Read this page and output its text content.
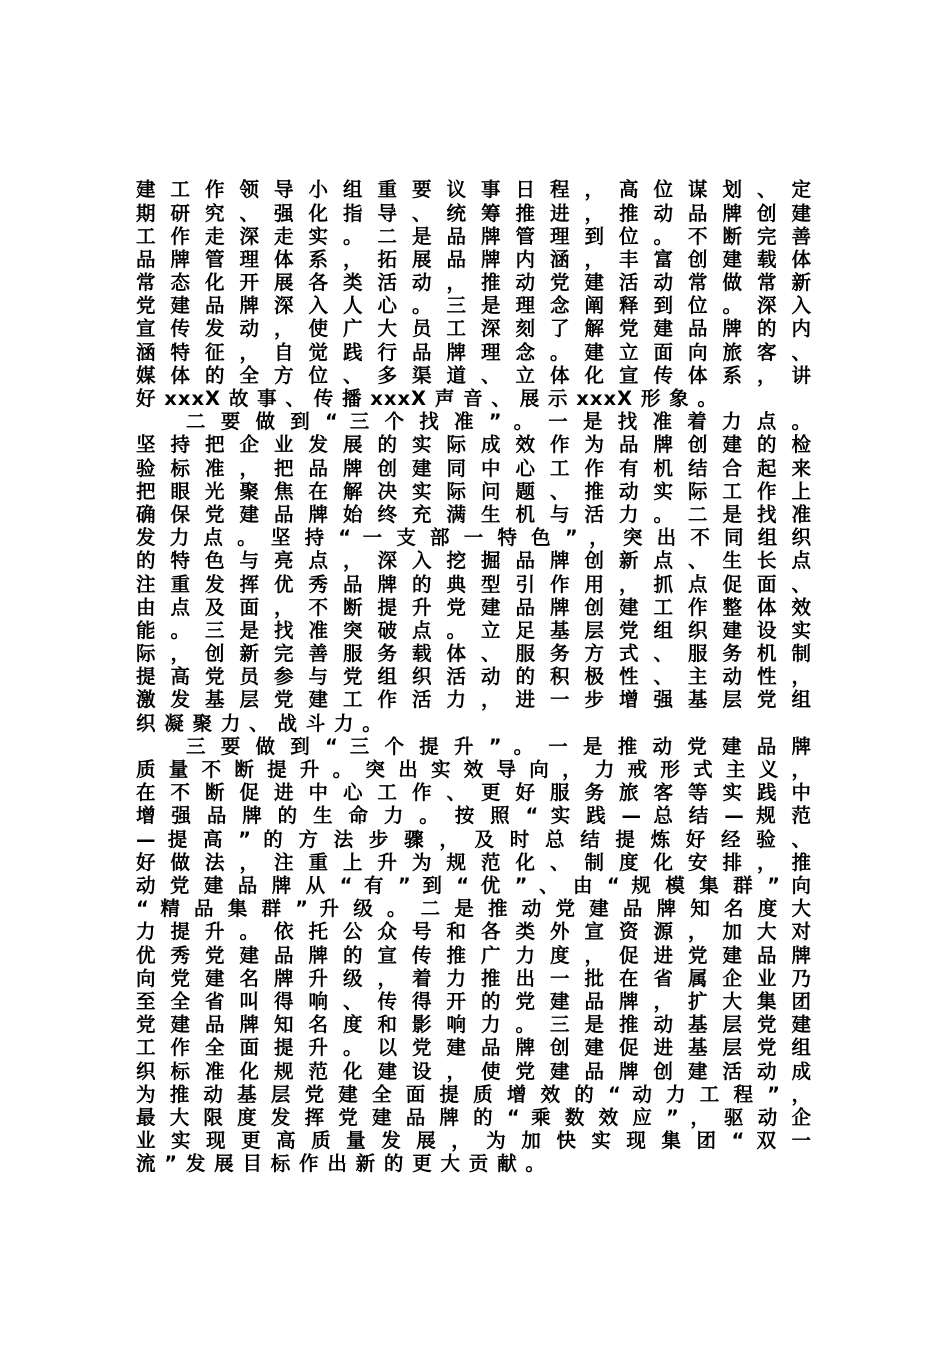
建 工 作 领 导 小 组 重 要 议 事 日 程 ， 高 位 谋 划 、 定
期 研 究 、 强 化 指 导 、 统 筹 推 进 ， 推 动 品 牌 创 建
工 作 走 深 走 实 。 二 是 品 牌 管 理 到 位 。 不 断 完 善
品 牌 管 理 体 系 ， 拓 展 品 牌 内 涵 ， 丰 富 创 建 载 体
常 态 化 开 展 各 类 活 动 ， 推 动 党 建 活 动 常 做 常 新
党 建 品 牌 深 入 人 心 。 三 是 理 念 阐 释 到 位 。 深 入
宣 传 发 动 ， 使 广 大 员 工 深 刻 了 解 党 建 品 牌 的 内
涵 特 征 ， 自 觉 践 行 品 牌 理 念 。 建 立 面 向 旅 客 、
媒 体 的 全 方 位 、 多 渠 道 、 立 体 化 宣 传 体 系 ， 讲
好 xxxX 故 事 、 传 播 xxxX 声 音 、 展 示 xxxX 形 象 。
二 要 做 到 “ 三 个 找 准 ” 。 一 是 找 准 着 力 点 。
坚 持 把 企 业 发 展 的 实 际 成 效 作 为 品 牌 创 建 的 检
验 标 准 ， 把 品 牌 创 建 同 中 心 工 作 有 机 结 合 起 来
把 眼 光 聚 焦 在 解 决 实 际 问 题 、 推 动 实 际 工 作 上
确 保 党 建 品 牌 始 终 充 满 生 机 与 活 力 。 二 是 找 准
发 力 点 。 坚 持 “ 一 支 部 一 特 色 ” ， 突 出 不 同 组 织
的 特 色 与 亮 点 ， 深 入 挖 掘 品 牌 创 新 点 、 生 长 点
注 重 发 挥 优 秀 品 牌 的 典 型 引 作 用 ， 抓 点 促 面 、
由 点 及 面 ， 不 断 提 升 党 建 品 牌 创 建 工 作 整 体 效
能 。 三 是 找 准 突 破 点 。 立 足 基 层 党 组 织 建 设 实
际 ， 创 新 完 善 服 务 载 体 、 服 务 方 式 、 服 务 机 制
提 高 党 员 参 与 党 组 织 活 动 的 积 极 性 、 主 动 性 ，
激 发 基 层 党 建 工 作 活 力 ， 进 一 步 增 强 基 层 党 组
织 凝 聚 力 、 战 斗 力 。
三 要 做 到 “ 三 个 提 升 ” 。 一 是 推 动 党 建 品 牌
质 量 不 断 提 升 。 突 出 实 效 导 向 ， 力 戒 形 式 主 义 ，
在 不 断 促 进 中 心 工 作 、 更 好 服 务 旅 客 等 实 践 中
增 强 品 牌 的 生 命 力 。 按 照 “ 实 践 — 总 结 — 规 范
— 提 高 ” 的 方 法 步 骤 ， 及 时 总 结 提 炼 好 经 验 、
好 做 法 ， 注 重 上 升 为 规 范 化 、 制 度 化 安 排 ， 推
动 党 建 品 牌 从 “ 有 ” 到 “ 优 ” 、 由 “ 规 模 集 群 ” 向
“ 精 品 集 群 ” 升 级 。 二 是 推 动 党 建 品 牌 知 名 度 大
力 提 升 。 依 托 公 众 号 和 各 类 外 宣 资 源 ， 加 大 对
优 秀 党 建 品 牌 的 宣 传 推 广 力 度 ， 促 进 党 建 品 牌
向 党 建 名 牌 升 级 ， 着 力 推 出 一 批 在 省 属 企 业 乃
至 全 省 叫 得 响 、 传 得 开 的 党 建 品 牌 ， 扩 大 集 团
党 建 品 牌 知 名 度 和 影 响 力 。 三 是 推 动 基 层 党 建
工 作 全 面 提 升 。 以 党 建 品 牌 创 建 促 进 基 层 党 组
织 标 准 化 规 范 化 建 设 ， 使 党 建 品 牌 创 建 活 动 成
为 推 动 基 层 党 建 全 面 提 质 增 效 的 “ 动 力 工 程 ” ，
最 大 限 度 发 挥 党 建 品 牌 的 “ 乘 数 效 应 ” ， 驱 动 企
业 实 现 更 高 质 量 发 展 ， 为 加 快 实 现 集 团 “ 双 一
流 ” 发 展 目 标 作 出 新 的 更 大 贡 献 。
